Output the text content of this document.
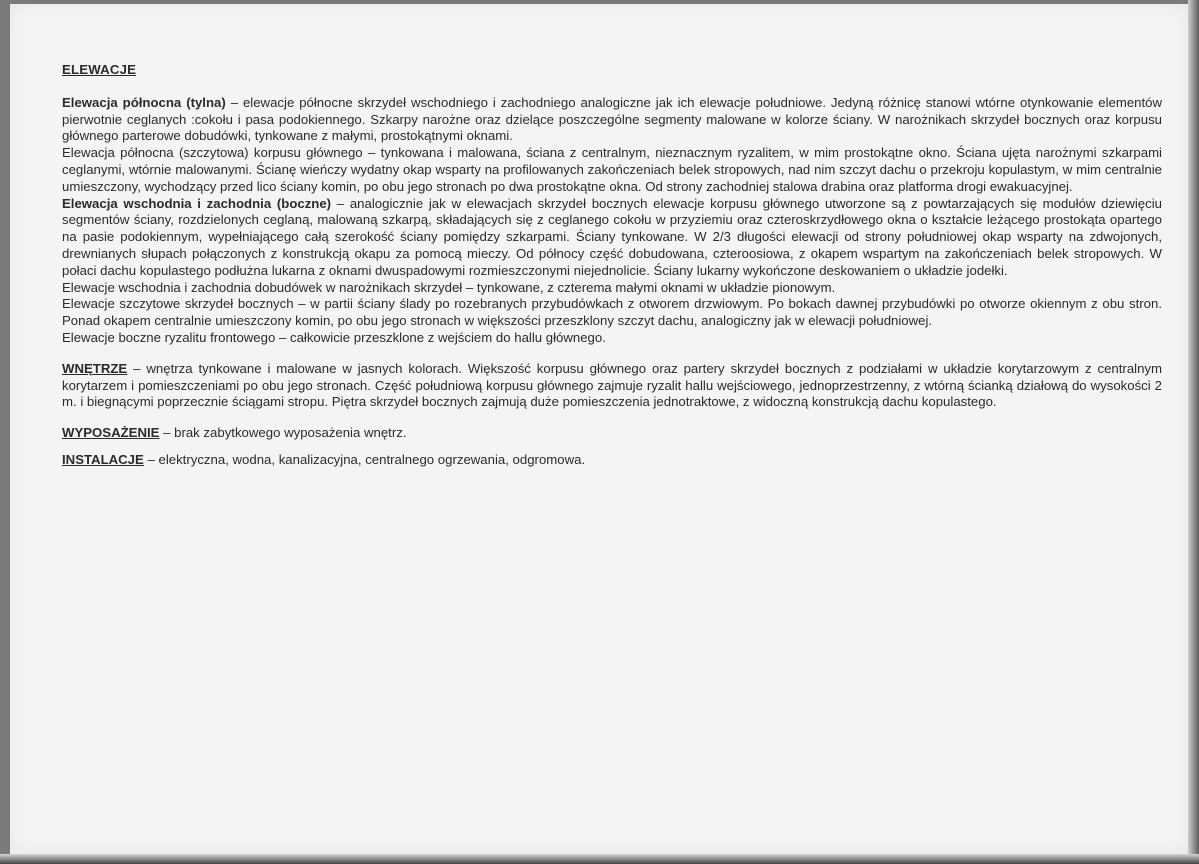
ELEWACJE

Elewacja północna (tylna) – elewacje północne skrzydeł wschodniego i zachodniego analogiczne jak ich elewacje południowe. Jedyną różnicę stanowi wtórne otynkowanie elementów pierwotnie ceglanych :cokołu i pasa podokiennego. Szkarpy narożne oraz dzielące poszczególne segmenty malowane w kolorze ściany. W narożnikach skrzydeł bocznych oraz korpusu głównego parterowe dobudówki, tynkowane z małymi, prostokątnymi oknami.

Elewacja północna (szczytowa) korpusu głównego – tynkowana i malowana, ściana z centralnym, nieznacznym ryzalitem, w mim prostokątne okno. Ściana ujęta narożnymi szkarpami ceglanymi, wtórnie malowanymi. Ścianę wieńczy wydatny okap wsparty na profilowanych zakończeniach belek stropowych, nad nim szczyt dachu o przekroju kopulastym, w mim centralnie umieszczony, wychodzący przed lico ściany komin, po obu jego stronach po dwa prostokątne okna. Od strony zachodniej stalowa drabina oraz platforma drogi ewakuacyjnej.

Elewacja wschodnia i zachodnia (boczne) – analogicznie jak w elewacjach skrzydeł bocznych elewacje korpusu głównego utworzone są z powtarzających się modułów dziewięciu segmentów ściany, rozdzielonych ceglaną, malowaną szkarpą, składających się z ceglanego cokołu w przyziemiu oraz czteroskrzydłowego okna o kształcie leżącego prostokąta opartego na pasie podokiennym, wypełniającego całą szerokość ściany pomiędzy szkarpami. Ściany tynkowane. W 2/3 długości elewacji od strony południowej okap wsparty na zdwojonych, drewnianych słupach połączonych z konstrukcją okapu za pomocą mieczy. Od północy część dobudowana, czteroosiowa, z okapem wspartym na zakończeniach belek stropowych. W połaci dachu kopulastego podłużna lukarna z oknami dwuspadowymi rozmieszczonymi niejednolicie. Ściany lukarny wykończone deskowaniem o układzie jodełki.

Elewacje wschodnia i zachodnia dobudówek w narożnikach skrzydeł – tynkowane, z czterema małymi oknami w układzie pionowym.

Elewacje szczytowe skrzydeł bocznych – w partii ściany ślady po rozebranych przybudówkach z otworem drzwiowym. Po bokach dawnej przybudówki po otworze okiennym z obu stron. Ponad okapem centralnie umieszczony komin, po obu jego stronach w większości przeszklony szczyt dachu, analogiczny jak w elewacji południowej.

Elewacje boczne ryzalitu frontowego – całkowicie przeszklone z wejściem do hallu głównego.

WNĘTRZE – wnętrza tynkowane i malowane w jasnych kolorach. Większość korpusu głównego oraz partery skrzydeł bocznych z podziałami w układzie korytarzowym z centralnym korytarzem i pomieszczeniami po obu jego stronach. Część południową korpusu głównego zajmuje ryzalit hallu wejściowego, jednoprzestrzenny, z wtórną ścianką działową do wysokości 2 m. i biegnącymi poprzecznie ściągami stropu. Piętra skrzydeł bocznych zajmują duże pomieszczenia jednotraktowe, z widoczną konstrukcją dachu kopulastego.

WYPOSAŻENIE – brak zabytkowego wyposażenia wnętrz.

INSTALACJE – elektryczna, wodna, kanalizacyjna, centralnego ogrzewania, odgromowa.
